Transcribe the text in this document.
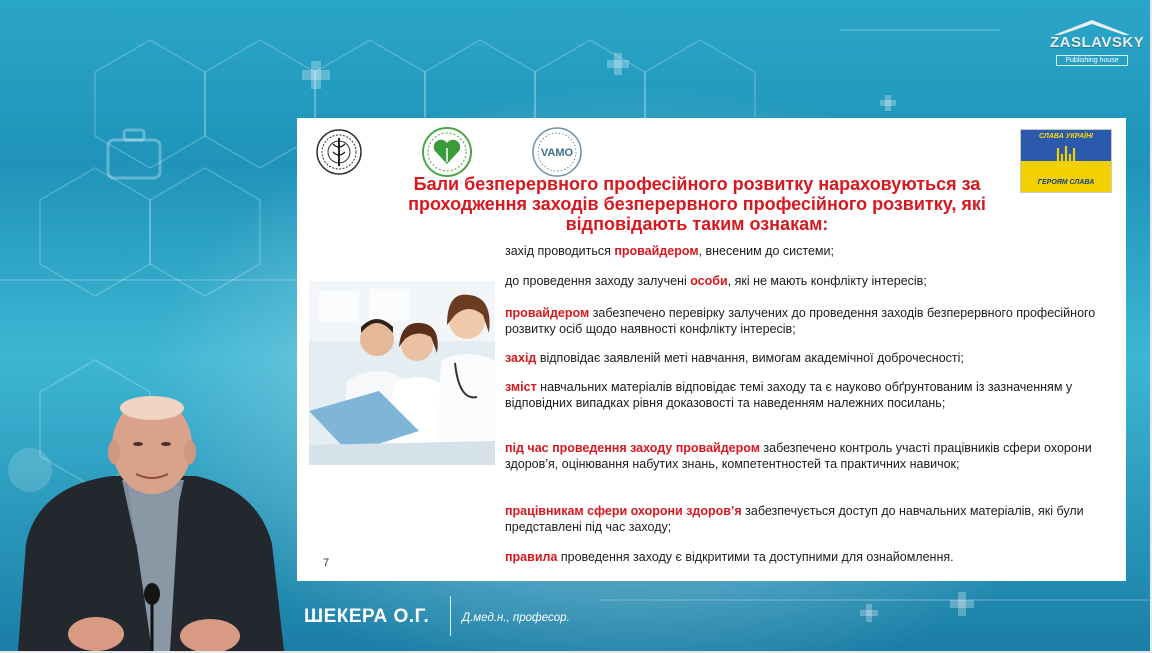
ZASLAVSKY
Publishing house
VAMO
СЛАВА УКРАЇНІ
ГЕРОЯМ СЛАВА
Бали безперервного професійного розвитку нараховуються за
проходження заходів безперервного професійного розвитку, які
відповідають таким ознакам:
захід проводиться провайдером, внесеним до системи;
до проведення заходу залучені особи, які не мають конфлікту інтересів;
провайдером забезпечено перевірку залучених до проведення заходів безперервного професійного розвитку осіб щодо наявності конфлікту інтересів;
захід відповідає заявленій меті навчання, вимогам академічної доброчесності;
зміст навчальних матеріалів відповідає темі заходу та є науково обґрунтованим із зазначенням у відповідних випадках рівня доказовості та наведенням належних посилань;
під час проведення заходу провайдером забезпечено контроль участі працівників сфери охорони здоров’я, оцінювання набутих знань, компетентностей та практичних навичок;
працівникам сфери охорони здоров’я забезпечується доступ до навчальних матеріалів, які були представлені під час заходу;
правила проведення заходу є відкритими та доступними для ознайомлення.
7
ШЕКЕРА О.Г.	Д.мед.н., професор.
